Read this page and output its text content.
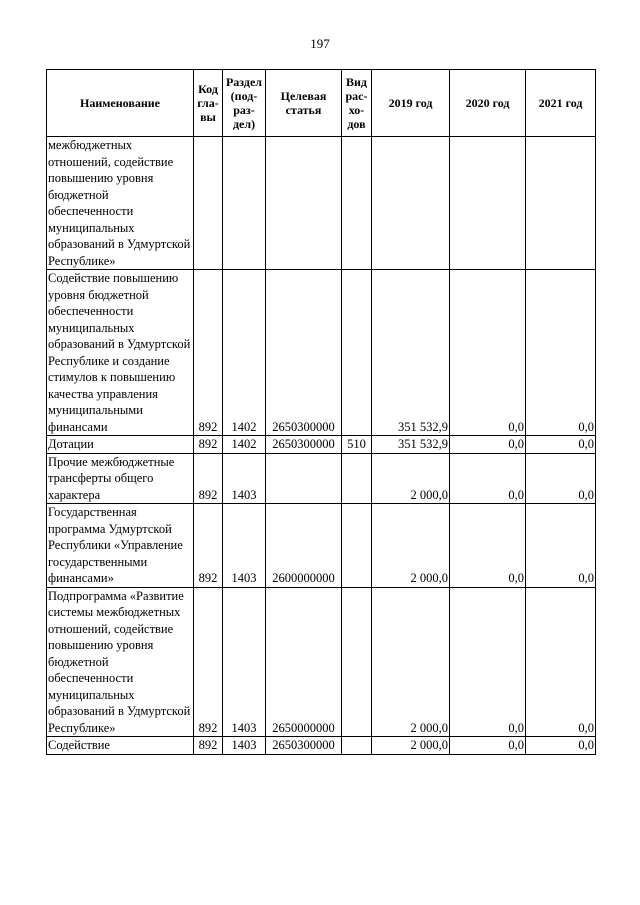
197
Наименование	Код гла-вы	Раздел (под-раз-дел)	Целевая статья	Вид рас-хо-дов	2019 год	2020 год	2021 год
межбюджетных отношений, содействие повышению уровня бюджетной обеспеченности муниципальных образований в Удмуртской Республике»							
Содействие повышению уровня бюджетной обеспеченности муниципальных образований в Удмуртской Республике и создание стимулов к повышению качества управления муниципальными финансами	892	1402	2650300000		351 532,9	0,0	0,0
Дотации	892	1402	2650300000	510	351 532,9	0,0	0,0
Прочие межбюджетные трансферты общего характера	892	1403			2 000,0	0,0	0,0
Государственная программа Удмуртской Республики «Управление государственными финансами»	892	1403	2600000000		2 000,0	0,0	0,0
Подпрограмма «Развитие системы межбюджетных отношений, содействие повышению уровня бюджетной обеспеченности муниципальных образований в Удмуртской Республике»	892	1403	2650000000		2 000,0	0,0	0,0
Содействие	892	1403	2650300000		2 000,0	0,0	0,0
